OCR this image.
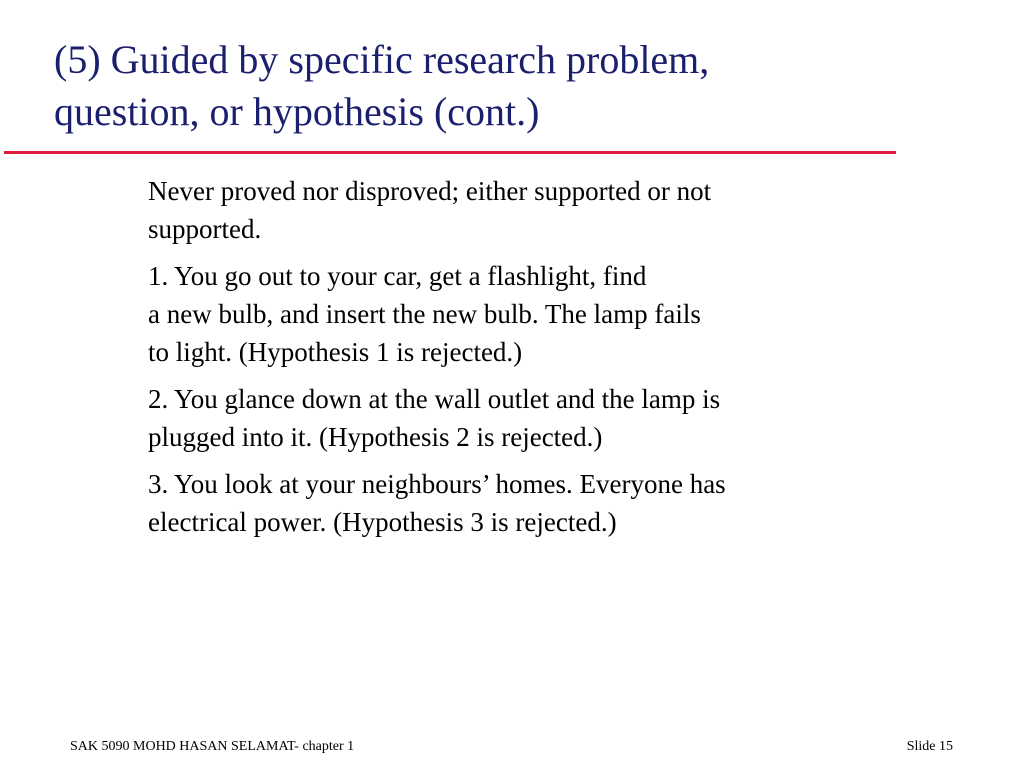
(5) Guided by specific research problem,
question, or hypothesis (cont.)

Never proved nor disproved; either supported or not
supported.

1. You go out to your car, get a flashlight, find
a new bulb, and insert the new bulb. The lamp fails
to light. (Hypothesis 1 is rejected.)

2. You glance down at the wall outlet and the lamp is
plugged into it. (Hypothesis 2 is rejected.)

3. You look at your neighbours’ homes. Everyone has
electrical power. (Hypothesis 3 is rejected.)

SAK 5090 MOHD HASAN SELAMAT- chapter 1	Slide 15
